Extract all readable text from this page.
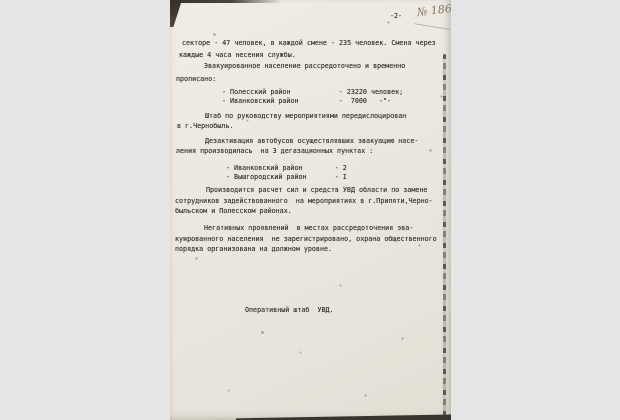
-2- № 186
секторе - 47 человек, в каждой смене - 235 человек. Смена через
каждые 4 часа несения службы.
Эвакуированное население рассредоточено и временно
прописано:
- Полесский район            - 23220 человек;
- Иванковский район          -  7000   -"-
Штаб по руководству мероприятиями передислоцирован
в г.Чернобыль.
Дезактивация автобусов осуществлявших эвакуацию насе-
ления производилась  на 3 дегазационных пунктах :
- Иванковский район        - 2
- Вышгородский район       - I
Производится расчет сил и средств УВД области по замене
сотрудников задействованного  на мероприятиях в г.Припяти,Черно-
быльском и Полесском районах.
Негативных проявлений  в местах рассредоточения эва-
куированного населения  не зарегистрировано, охрана общественного
порядка организована на должном уровне.
Оперативный штаб  УВД.
